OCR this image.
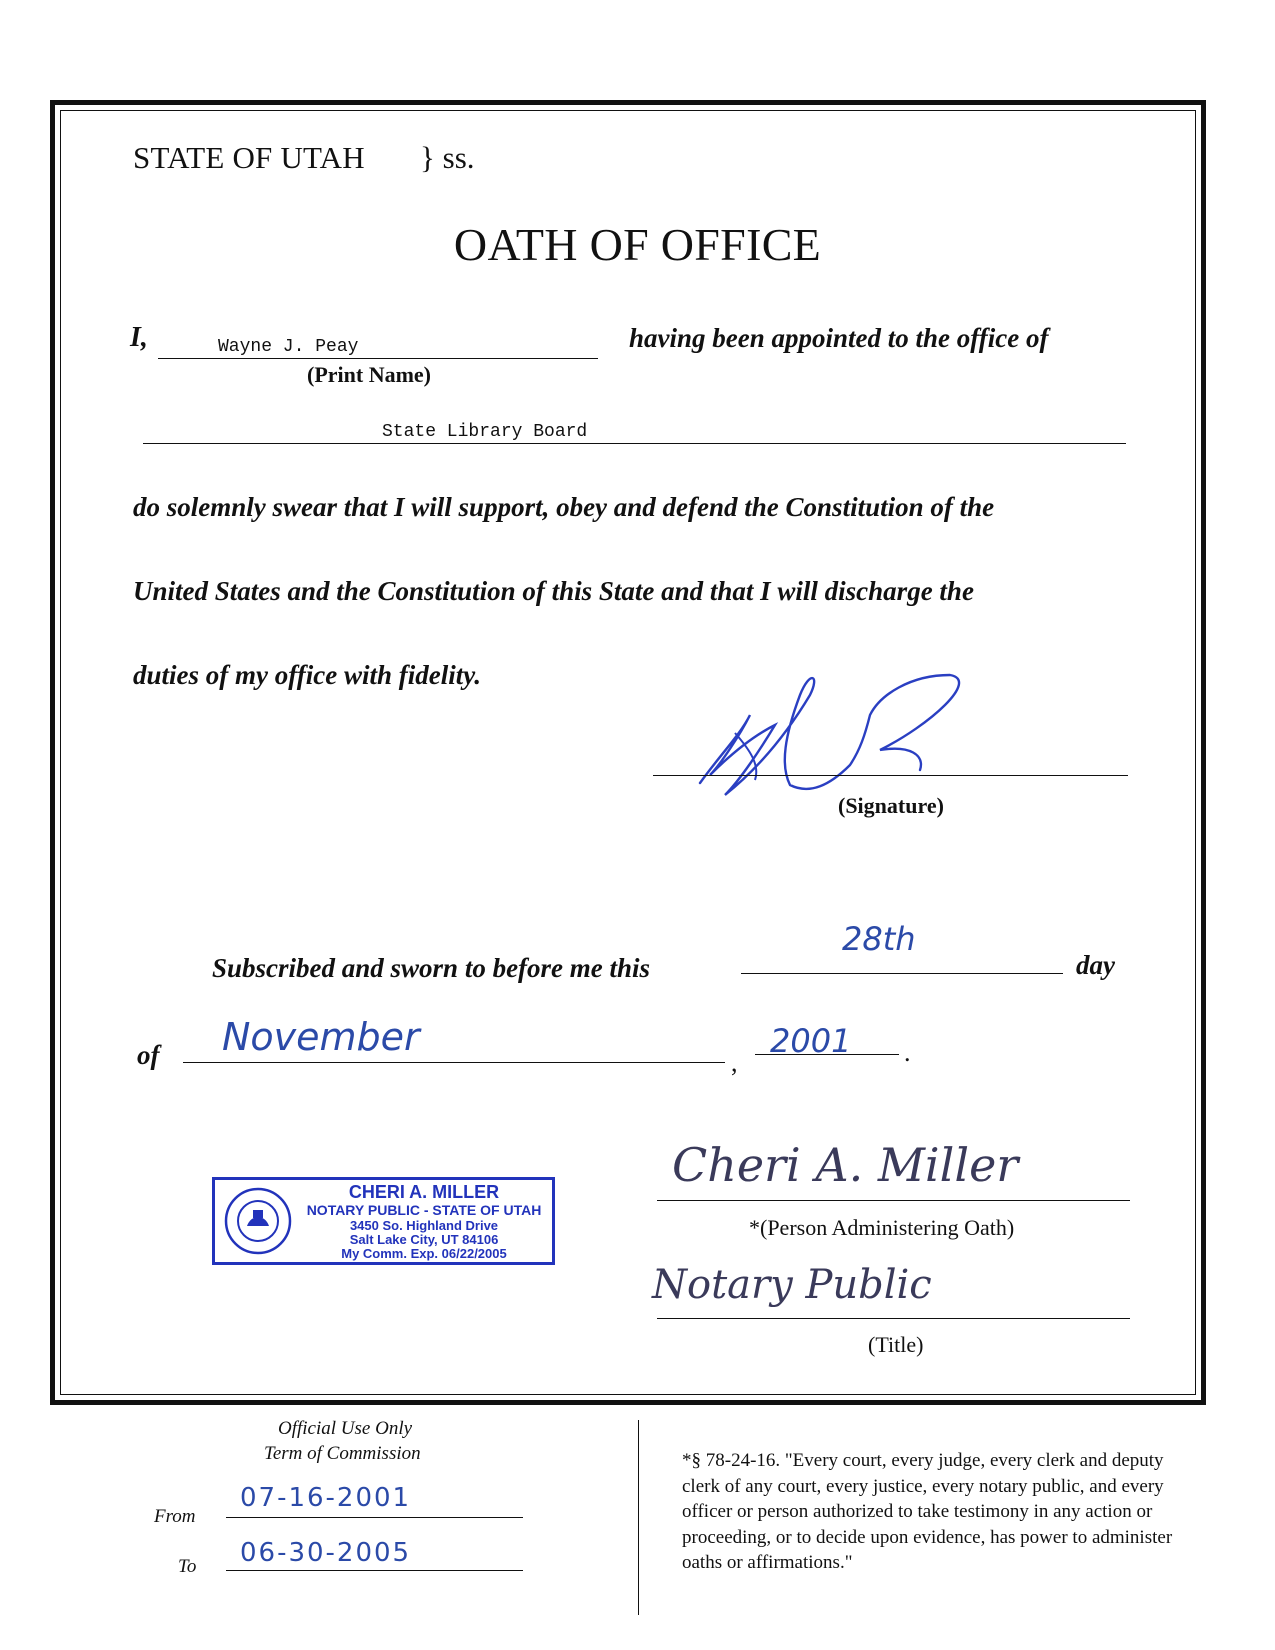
STATE OF UTAH } ss.
OATH OF OFFICE
I,	Wayne J. Peay
(Print Name)
having been appointed to the office of
State Library Board
do solemnly swear that I will support, obey and defend the Constitution of the
United States and the Constitution of this State and that I will discharge the
duties of my office with fidelity.
(Signature)
Subscribed and sworn to before me this
28th
day
of November
,
2001 .
CHERI A. MILLER
NOTARY PUBLIC - STATE OF UTAH
3450 So. Highland Drive
Salt Lake City, UT 84106
My Comm. Exp. 06/22/2005
Cheri A. Miller
*(Person Administering Oath)
Notary Public
(Title)
Official Use Only
Term of Commission
From
07-16-2001
To 06-30-2005
*§ 78-24-16. "Every court, every judge, every clerk and deputy clerk of any court, every justice, every notary public, and every officer or person authorized to take testimony in any action or proceeding, or to decide upon evidence, has power to administer oaths or affirmations."
